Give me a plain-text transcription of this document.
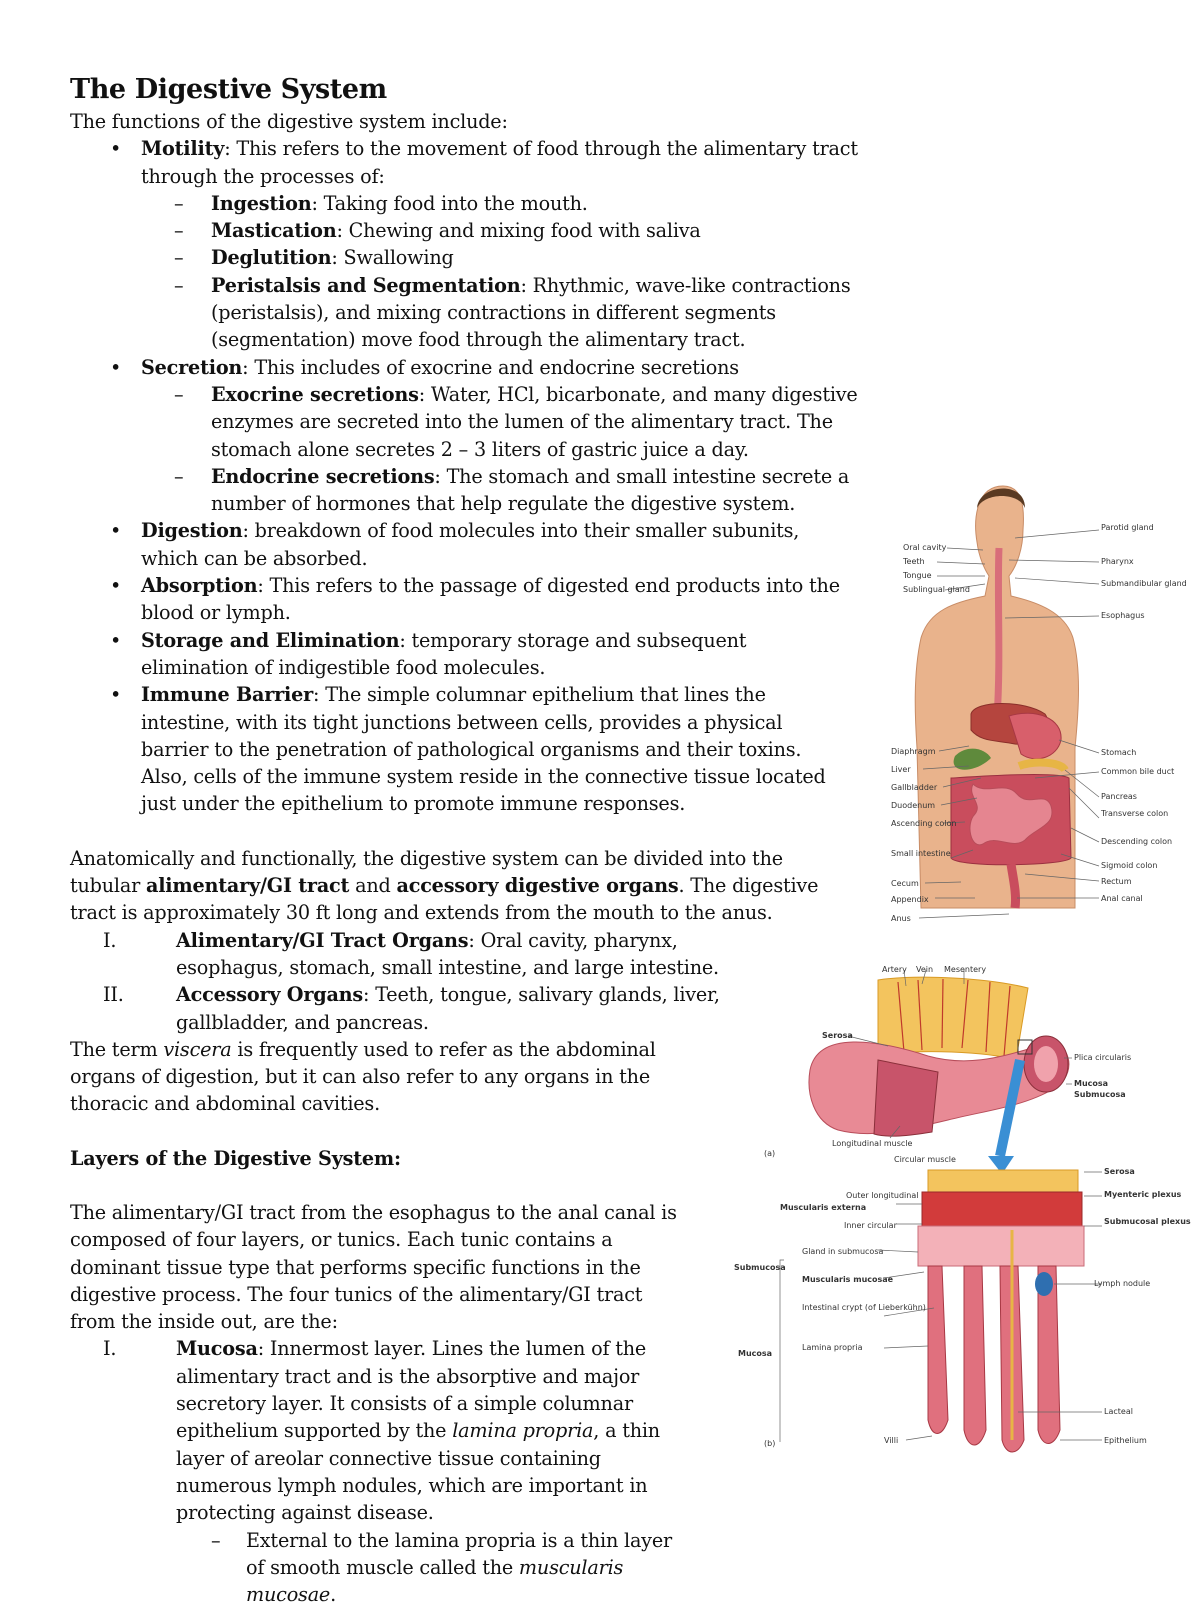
The Digestive System

The functions of the digestive system include:

• Motility: This refers to the movement of food through the alimentary tract through the processes of:
– Ingestion: Taking food into the mouth.
– Mastication: Chewing and mixing food with saliva
– Deglutition: Swallowing
– Peristalsis and Segmentation: Rhythmic, wave-like contractions (peristalsis), and mixing contractions in different segments (segmentation) move food through the alimentary tract.
• Secretion: This includes of exocrine and endocrine secretions
– Exocrine secretions: Water, HCl, bicarbonate, and many digestive enzymes are secreted into the lumen of the alimentary tract. The stomach alone secretes 2 – 3 liters of gastric juice a day.
– Endocrine secretions: The stomach and small intestine secrete a number of hormones that help regulate the digestive system.
• Digestion: breakdown of food molecules into their smaller subunits, which can be absorbed.
• Absorption: This refers to the passage of digested end products into the blood or lymph.
• Storage and Elimination: temporary storage and subsequent elimination of indigestible food molecules.
• Immune Barrier: The simple columnar epithelium that lines the intestine, with its tight junctions between cells, provides a physical barrier to the penetration of pathological organisms and their toxins. Also, cells of the immune system reside in the connective tissue located just under the epithelium to promote immune responses.

Anatomically and functionally, the digestive system can be divided into the tubular alimentary/GI tract and accessory digestive organs. The digestive tract is approximately 30 ft long and extends from the mouth to the anus.

I.	Alimentary/GI Tract Organs: Oral cavity, pharynx, esophagus, stomach, small intestine, and large intestine.
II.	Accessory Organs: Teeth, tongue, salivary glands, liver, gallbladder, and pancreas.

The term viscera is frequently used to refer as the abdominal organs of digestion, but it can also refer to any organs in the thoracic and abdominal cavities.

Layers of the Digestive System:

The alimentary/GI tract from the esophagus to the anal canal is composed of four layers, or tunics. Each tunic contains a dominant tissue type that performs specific functions in the digestive process. The four tunics of the alimentary/GI tract from the inside out, are the:

I.	Mucosa: Innermost layer. Lines the lumen of the alimentary tract and is the absorptive and major secretory layer. It consists of a simple columnar epithelium supported by the lamina propria, a thin layer of areolar connective tissue containing numerous lymph nodules, which are important in protecting against disease.
– External to the lamina propria is a thin layer of smooth muscle called the muscularis mucosae.
Oral cavity
Teeth
Tongue
Sublingual gland
Diaphragm
Liver
Gallbladder
Duodenum
Ascending colon
Small intestine
Cecum
Appendix
Anus
Parotid gland
Pharynx
Submandibular gland
Esophagus
Stomach
Common bile duct
Pancreas
Transverse colon
Descending colon
Sigmoid colon
Rectum
Anal canal
Artery Vein Mesentery
Serosa
Plica circularis
Mucosa
Submucosa
Longitudinal muscle
Circular muscle
(a)
Serosa
Myenteric plexus
Submucosal plexus
Muscularis externa
Outer longitudinal
Inner circular
Gland in submucosa
Submucosa
Muscularis mucosae	Lymph nodule
Intestinal crypt (of Lieberkühn)
Lamina propria
Mucosa
Lacteal
Villi	Epithelium
(b)
